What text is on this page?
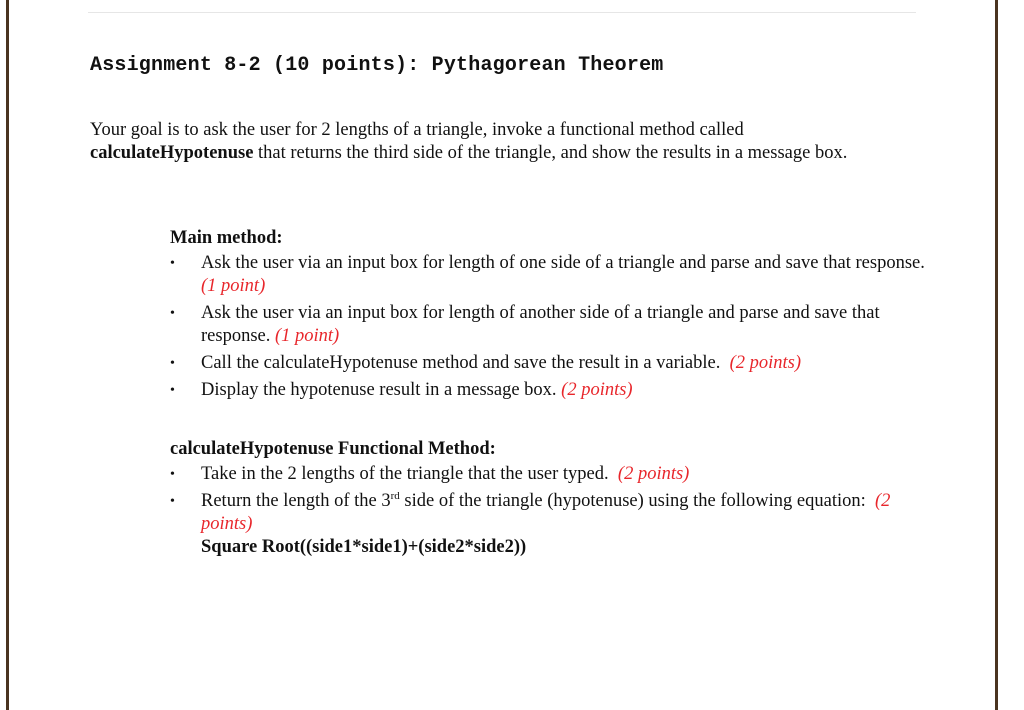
Assignment 8-2 (10 points): Pythagorean Theorem
Your goal is to ask the user for 2 lengths of a triangle, invoke a functional method called calculateHypotenuse that returns the third side of the triangle, and show the results in a message box.
Main method:
• Ask the user via an input box for length of one side of a triangle and parse and save that response.  (1 point)
• Ask the user via an input box for length of another side of a triangle and parse and save that response. (1 point)
• Call the calculateHypotenuse method and save the result in a variable. (2 points)
• Display the hypotenuse result in a message box. (2 points)
calculateHypotenuse Functional Method:
• Take in the 2 lengths of the triangle that the user typed. (2 points)
• Return the length of the 3rd side of the triangle (hypotenuse) using the following equation: (2 points)
Square Root((side1*side1)+(side2*side2))
